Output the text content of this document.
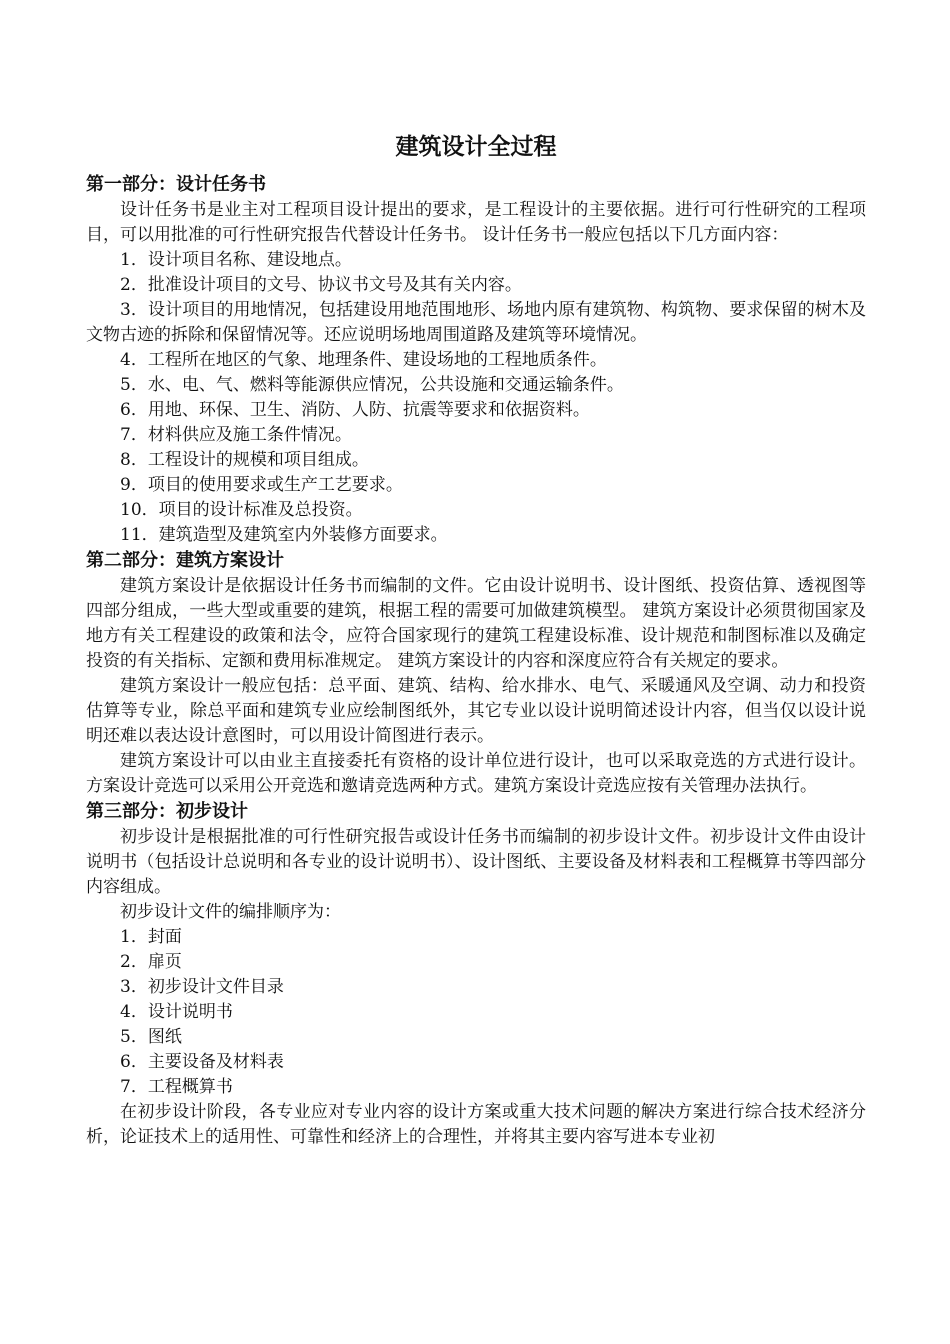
建筑设计全过程
第一部分：设计任务书

设计任务书是业主对工程项目设计提出的要求，是工程设计的主要依据。进行可行性研究的工程项目，可以用批准的可行性研究报告代替设计任务书。 设计任务书一般应包括以下几方面内容：

1．设计项目名称、建设地点。

2．批准设计项目的文号、协议书文号及其有关内容。

3．设计项目的用地情况，包括建设用地范围地形、场地内原有建筑物、构筑物、要求保留的树木及文物古迹的拆除和保留情况等。还应说明场地周围道路及建筑等环境情况。

4．工程所在地区的气象、地理条件、建设场地的工程地质条件。

5．水、电、气、燃料等能源供应情况，公共设施和交通运输条件。

6．用地、环保、卫生、消防、人防、抗震等要求和依据资料。

7．材料供应及施工条件情况。

8．工程设计的规模和项目组成。

9．项目的使用要求或生产工艺要求。

10．项目的设计标准及总投资。

11．建筑造型及建筑室内外装修方面要求。

第二部分：建筑方案设计

建筑方案设计是依据设计任务书而编制的文件。它由设计说明书、设计图纸、投资估算、透视图等四部分组成，一些大型或重要的建筑，根据工程的需要可加做建筑模型。 建筑方案设计必须贯彻国家及地方有关工程建设的政策和法令，应符合国家现行的建筑工程建设标准、设计规范和制图标准以及确定投资的有关指标、定额和费用标准规定。 建筑方案设计的内容和深度应符合有关规定的要求。

建筑方案设计一般应包括：总平面、建筑、结构、给水排水、电气、采暖通风及空调、动力和投资估算等专业，除总平面和建筑专业应绘制图纸外，其它专业以设计说明简述设计内容，但当仅以设计说明还难以表达设计意图时，可以用设计简图进行表示。

建筑方案设计可以由业主直接委托有资格的设计单位进行设计，也可以采取竞选的方式进行设计。方案设计竞选可以采用公开竞选和邀请竞选两种方式。建筑方案设计竞选应按有关管理办法执行。

第三部分：初步设计

初步设计是根据批准的可行性研究报告或设计任务书而编制的初步设计文件。初步设计文件由设计说明书（包括设计总说明和各专业的设计说明书）、设计图纸、主要设备及材料表和工程概算书等四部分内容组成。

初步设计文件的编排顺序为：

1．封面

2．扉页

3．初步设计文件目录

4．设计说明书

5．图纸

6．主要设备及材料表

7．工程概算书

在初步设计阶段，各专业应对专业内容的设计方案或重大技术问题的解决方案进行综合技术经济分析，论证技术上的适用性、可靠性和经济上的合理性，并将其主要内容写进本专业初
